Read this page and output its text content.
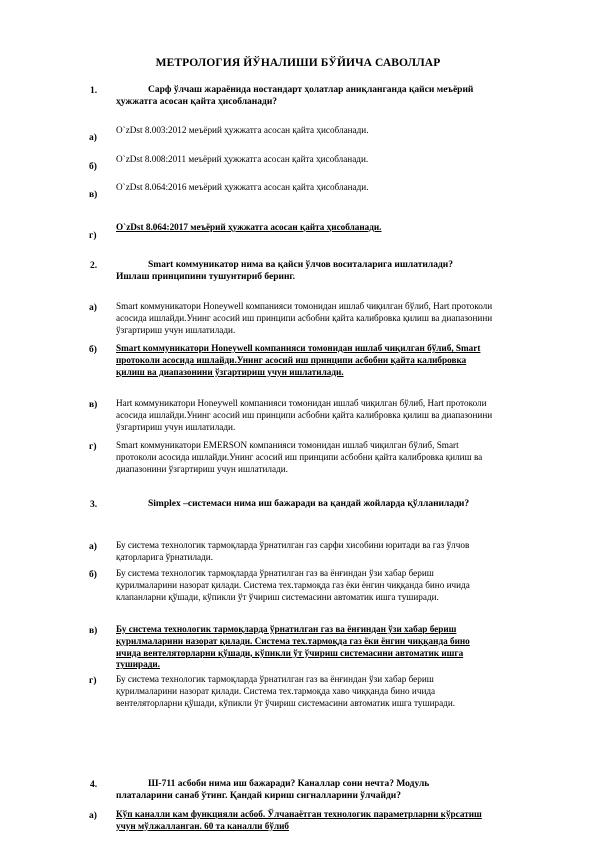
МЕТРОЛОГИЯ ЙЎНАЛИШИ БЎЙИЧА САВОЛЛАР
1.	Сарф ўлчаш жараёнида ностандарт ҳолатлар аниқланганда қайси меъёрий ҳужжатга асосан қайта ҳисобланади?
а)
O`zDst 8.003:2012 меъёрий ҳужжатга асосан қайта ҳисобланади.
б)
O`zDst 8.008:2011 меъёрий ҳужжатга асосан қайта ҳисобланади.
в)
O`zDst 8.064:2016 меъёрий ҳужжатга асосан қайта ҳисобланади.
г)
O`zDst 8.064:2017 меъёрий ҳужжатга асосан қайта ҳисобланади.
2.	Smart коммуникатор нима ва қайси ўлчов воситаларига ишлатилади? Ишлаш принципини тушунтириб беринг.
а) Smart коммуникатори Honeywell компанияси томонидан ишлаб чиқилган бўлиб, Hart протоколи асосида ишлайди.Унинг асосий иш принципи асбобни қайта калибровка қилиш ва диапазонини ўзгартириш учун ишлатилади.
б) Smart коммуникатори Honeywell компанияси томонидан ишлаб чиқилган бўлиб, Smart протоколи асосида ишлайди.Унинг асосий иш принципи асбобни қайта калибровка қилиш ва диапазонини ўзгартириш учун ишлатилади.
в) Hart коммуникатори Honeywell компанияси томонидан ишлаб чиқилган бўлиб, Hart протоколи асосида ишлайди.Унинг асосий иш принципи асбобни қайта калибровка қилиш ва диапазонини ўзгартириш учун ишлатилади.
г) Smart коммуникатори EMERSON компанияси томонидан ишлаб чиқилган бўлиб, Smart протоколи асосида ишлайди.Унинг асосий иш принципи асбобни қайта калибровка қилиш ва диапазонини ўзгартириш учун ишлатилади.
3.	Simplex –системаси нима иш бажаради ва қандай жойларда қўлланилади?
а) Бу система технологик тармоқларда ўрнатилган газ сарфи хисобини юритади ва газ ўлчов қаторларига ўрнатилади.
б) Бу система технологик тармоқларда ўрнатилган газ ва ёнғиндан ўзи хабар бериш қурилмаларини назорат қилади. Система тех.тармоқда газ ёки ёнгин чиққанда бино ичида клапанларни қўшади, кўпикли ўт ўчириш системасини автоматик ишга туширади.
в) Бу система технологик тармоқларда ўрнатилган газ ва ёнғиндан ўзи хабар бериш қурилмаларини назорат қилади. Система тех.тармоқда газ ёки ёнгин чиққанда бино ичида вентеляторларни қўшади, кўпикли ўт ўчириш системасини автоматик ишга туширади.
г) Бу система технологик тармоқларда ўрнатилган газ ва ёнғиндан ўзи хабар бериш қурилмаларини назорат қилади. Система тех.тармоқда хаво чиққанда бино ичида вентеляторларни қўшади, кўпикли ўт ўчириш системасини автоматик ишга туширади.
4.	Ш-711 асбоби нима иш бажаради? Каналлар сони нечта? Модуль платаларини санаб ўтинг. Қандай кириш сигналларини ўлчайди?
а) Кўп каналли кам функцияли асбоб. Ўлчанаётган технологик параметрларни кўрсатиш учун мўлжалланган. 60 та каналли бўлиб
